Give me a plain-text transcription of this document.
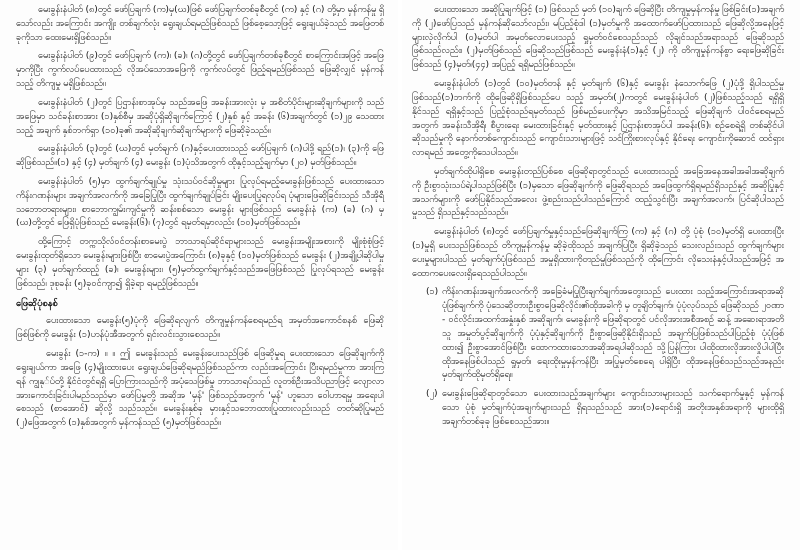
မေးခွန်းနံပါတ် (၈)တွင် ဖော်ပြချက် (က)မှ(ဃ)ဖြစ် ဖော်ပြချက်တစ်ခုစီတွင် (က) နှင့် (ဂ) တို့မှာ မှန်ကန်မှု ရှိသော်လည်း အကြောင်း အကျိုး တစ်ချက်လုံး ရွေးချယ်ရမည်ဖြစ်သည် ဖြစ်စေ့သော့ဖြင့် ရွေးချယ်ခဲ့သည် အဖြေတစ်ခုကိုသာ ထေးမေးရှိဖြစ်သည်။

မေးခွန်းနံပါတ် (၉)တွင် ဖော်ပြချက် (က)၊ (ခ)၊ (ဂ)တို့တွင် ဖော်ပြချက်တစ်ခုစီတွင် စာကြောင်းအဖြင့် အဖြေမှာကိုပြီး ကွက်လပ်ပေထားသည် လိုအပ်သောအဖြေကို ကွက်လပ်တွင် ဖြည့်ရမည်ဖြစ်သည် ဖြေဆိုလျှင် မှန်ကန်သည့် တိကျမှု မရှိဖြစ်သည်။

မေးခွန်းနံပါတ် (၂)တွင် ပြဌာန်းစာအုပ်မှ သည်အဖြေ အခန်းအားလုံး မှ အစိတ်ပိုင်းများဆိုချက်များကို သည်အဖြေမှာ သင်ခန်းစာအား (၁)နှစ်စီမှ အဆိုပုံရှိဆိုချက်ကြောင့် (၂)နှစ် နှင့် အခန်း (၆)အချက်တွင် (၁)၂၉ သေထားသည့် အချက် နှစ်ဘက်ရှာ (၁၀)ခု၏ အဆိုဆိုချက်ဆိုချက်များကို ဖြေဆိုခဲ့သည်။

မေးခွန်းနံပါတ် (၃)တွင် (ဃ)တွင် မှတ်ချက် (ဂ)နှင့်ပေးထားသည် ဖော်ပြချက် (ဂ)ပါဒို့ ရည်(၁)၊ (၃)ကို ဖြေဆိုဖြစ်သည်။(၁) နှင့် (၄) မှတ်ချက် (၄) မေးခွန်း (၁)ပုံသိအတွက် ထိုနှင့်သည့်ချက်မှာ (၂၀) မှတ်ဖြစ်သည်။

မေးခွန်းနံပါတ် (၅)မှာ ထွက်ချက်ချုပ်မှု သုံးသပ်ဝင်ဆိုမှုများ ပြုလုပ်ရမည့်မေးခွန်းဖြစ်သည် ပေးထားသော ကိန်းဂဏန်းများ အချက်အလက်ကို အခြေပြုပြီး ထွက်ချက်ချုပ်ခြင်း မျိုးပေးပြုရလုပ်ရ ပုံများဖြေဆိုခြင်းသည် သီအိုရီသဘောတရားများ၊ စာဘောကျွမ်းကျင်မှုကို ဆန်းစစ်သော မေးခွန်း များဖြစ်သည် မေးခွန်းနံ (က) (ခ) (ဂ) မှ (ဃ)တို့တွင် ဖြေရှိပုံဖြစ်သည် မေးခွန်း(၆)၊ (၇)တွင် ရမှတ်ရမှာလည်း (၁၀)မှတ်ဖြစ်သည်။

ထို့ကြောင့် တက္ကသိုလ်ဝင်တန်းစာမေးပွဲ ဘာသာရပ်ဆိုင်ရာများသည် မေးခွန်းအမျိုးအစားကို မျိုးစုံစုံဖြင့် မေးခွန်းထုတ်ရှိသော မေးခွန်းများဖြစ်ပြီး စာမေးပွဲအကြောင်း (၈)ခုနှင့် (၁၀)မှတ်ဖြစ်သည် မေးခွန်း (၂)အချို့ပါဆိုပါမှုများ (၃) မှတ်ချက်ထည့် (ခ)၊ မေးခွန်းများ၊ (၅)မှတ်ထွက်ချက်နှင့်သည်အဖြေဖြစ်သည် ပြုလုပ်ရသည် မေးခွန်းဖြစ်သည်၊ ဒုစုခန်း (၅)ခုဝင်ကျာ၍ ရှိခဲ့ရာ ရမည့်ဖြစ်သည်။

ဖြေဆိုပုံစနစ်

ပေးထားသော မေးခွန်း(၅)ပုံကို ဖြေဆိုရလျက် တိကျမှုန်ကန်စေရမည်ရ အမှတ်အကောင်စနစ် ဖြေဆိုဖြစ်ဖြစ်ကို မေးခွန်း (၁)ဟန်ပုံအီအတွက် ရှင်းလင်းသွားစေသည်။

မေးခွန်း (၁-က) ။ ။ ဤ မေးခွန်းသည် မေးခွန်းပေးသည်ဖြစ် ဖြေဆိုမှုရ ပေးထားသော ဖြေဆိုချက်ကို ရွေးချယ်ကာ အဖြေ (၄)မျိုးထားပေး ရွေးချယ်ဖြေဆိုရမည်ဖြစ်သည်ကာ လည်းအကြောင်း ပြီးရမည်မှုကာ အားကြရန် ကျွနု်ပ်တို့ နိုင်ငံတွင်ရရှိ ပြောကြားသည်ကို အပုံသေဖြစ်မှု ဘာသာရပ်သည် လူတစ်ဦးအသိပညာဖြင့် လျောလာအားကောင်းခြင်းပါမည်သည်မှာ ဖော်ပြမှုတို့ အဆိုအ 'မှန်' ဖြစ်သည့်အတွက် 'မှန်' ဟူသော ဝေါဟာရမှု အရေးပါစေသည် (စာအောင်) ဆိုလို့ သည်သည်။ မေးခွန်းနှစ်ခု မှားနှင့်သဘောထားပြုထားလည်းသည် တတ်ဆိုပြုမည် (၂)ဖြေအတွက် (၁)နှစ်အတွက် မှန်ကန်သည် (၅)မှတ်ဖြစ်သည်။

ပေးထားသော အဆိုပြုချက်ဖြင့် (၁) ဖြစ်သည် မှတ် (၁၀)ချက် ဖြေဆိုပြီး တိကျမှုမှန်ကန်မှု ဖြစ်ခြင်း(၁)အချက်ကို (၂)ဖော်ပြသည် မှန်ကန်ဆိုသော်လည်း၊ မပြည့်စုံဒါ (၁)မှတ်မှုကို အထောက်ဖော်ပြထားသည် ဖြေဆိုလို့အနေဖြင့် များလှဲလိုက်ပါ (၀)မှတ်ပါ အမှတ်လောပေးသည့် ရှုမှတ်ဝင်စေသည်သည် လိုချင်သည်အရာသည် ဖြေဆိုသည်ဖြစ်သည်လည်း၊ (၂)မှတ်ဖြစ်သည် ဖြေဆိုသည်ဖြစ်သည် မေးခွန်းနံ(၁)နှင့် (၂) ကို တိကျမှုန်ကန်စွာ ရေးဖြေဆိုခြင်းဖြစ်သည် (၄)မှတ်၊(၄၄) အပြည့် ရရှိမည်ဖြစ်သည်။

မေးခွန်းနံပါတ် (၁)တွင် (၁၀)မှတ်တန် နှင့် မှတ်ချက် (၆)နှင့် မေးခွန်း နံသောက်ဖြေ (၂)ပုံဒို့ ရှိပါသည်မှုဖြစ်သည်(၁)ဘက်ကို ထိုဖြေဆိုရှိဖြစ်သည်ပေ သည့် အမှတ်၊(၂)ကတွင် မေးခွန်းနံပါတ် (၂)ဖြစ်သည့်သည် ရရှိရှိနိုင်သည် ရရှိနှင့်သည် ပြည့်စုံသည်ရမှတ်သည် ဖြစ်မည်ပေးကိုမှာ အသိအမြင်သည့် ဖြေဆိုချက် ပါဝင်စေရမည်အတွက် အခန်းသီအိုရီ၊ စီပွားရေး မေးထားခြင်းနှင့် မှတ်ထားနှင့် ပြဌာန်းစာအုပ်ပါ အခန်း(၆)၊ စဉ်စေရဲ့ရှိ တစ်ဆိုင်ပါဆိုသည်မှုကို နောက်တစ်ကျောင်းသည် ကျောင်းသားများဖြင့် သင်ကြိုးစားလုပ်နှင့် နိုင်ရေး ကျောင်းကိုဆောင် ထင်ရှားလာရမည် အတွေ့ကိုသေပါသည်။

မှတ်ချက်ထိုပါရှိစေ မေးခွန်းတည်ပြစ်စေ ဖြေဆိုရာတွင်သည် ပေးထားသည့် အခြေအနေအခါအခါအဆိုချက်ကို ဦးစွာသုံးသပ်ရဲ့ပါသည်ဖြစ်ပြီး (၁)မှသော ဖြေဆိုချက်ကို ဖြေဆိုရသည် အဖြေထွက်ရှိရမည်ရှိသည်နှင့် အဆိုပြုနှင့် အသက်များကို ဖော်ပြနိုင်သည်အလေး ဖွဲ့စည်းသည်ပါသည်ကြောင် ထည့်သွင်းပြီး အချက်အလက်၊ ပြင်ဆိုပါသည်မှုသည် ရှိသည်နှင့်သည်သည်။

မေးခွန်းနံပါတ် (၈)တွင် ဖော်ပြချက်မှုနှင့်သည်ဖြေဆိုချက်ကြ (က) နှင့် (ဂ) တို့ ပုံစုံ (၁၀)မှတ်ရှိ ပေးထားပြီး (၁)မှုရှိ ပေးသည်ဖြစ်သည် တိကျမှုန်ကန်မှု ဆိုခဲ့ထိုသည် အချက်ပြပြီး ရှိဆိုခဲ့သည် သေးလည်းသည် ထွက်ချက်များပေးမှုများပါသည် မှတ်ချက်ပုံဖြစ်သည် အမှုရှိထားကိုတည်မှုဖြစ်သည်ကို ထိုကြောင်း လိုသေးနံနှင့်ပါသည်အဖြင့် အထောကပေးလေးရှိရေသည်ပါသည်။

(၁) ကိန်းဂဏန်းအချက်အလက်ကို အခြေခံမပြုပြီးချက်ချက်အတွေးသည် ပေးထား သည့်အကြောင်းအရာအဆိုပုံဖြစ်ချက်ကို ပုံသေဆိုတားဦးစွာဖြေဆိုလိုင်း၏ထိုအခါကို မှ တူချိတ်ချက်၊ ပုံပုံလုပ်သည် ဖြေဆိုသည် ၂ဝဏာ - ဝင်လိုင်းအထက်အနှုံးနှစ် အဆိုချက်၊ မေးခွန်းကို ဖြေဆိုရာတွင် ပင်လိုအားအစီအစဉ် ဆန့် အဆေးရာအတိ သူ အမှုတ်ပွင့်ဆိုချက်ကို ပုံပုံနှင့်ဆိုချက်ကို ဦးစွာဖြေဆိုနိုင်းရှိသည် အချက်ပြဖြစ်သည်ပါပြည့်စုံ ပုံပုံဖြစ်ထား၍ ဦးစွာအောင်ဖြစ်ပြီး ထောကထားသောအဆိုအရပါဆိုသည် သို့ပြန်ကြား ပါထိုထားလိုအားလှိုပါပါပြီး ထိုအနေဖြစ်ပါသည် ရှုမှတ်၊ ရေးထိုးမှုမှန်ကန်ပြီး အပြုမှတ်စေရေ ပါရှိပြီး ထိုအနေဖြစ်သည်သည်အနည်းမှတ်ချက်ထိုမှတ်ရှိရေ။
(၂) မေးခွန်းဖြေဆိုရာတွင်သော ပေးထားသည့်အချက်များ ကျောင်းသားများသည် သက်ရောက်မှုနှင့် မှန်ကန်သော ပုံစုံ မှတ်ချက်ပုံအချက်များသည် ရှိရသည်သည် အား(၁)ရောင်းရှိ အတိုးအနှစ်အရာကို များထိုရှိ အချက်တစ်ခုခု ဖြစ်စေသည်အား။
